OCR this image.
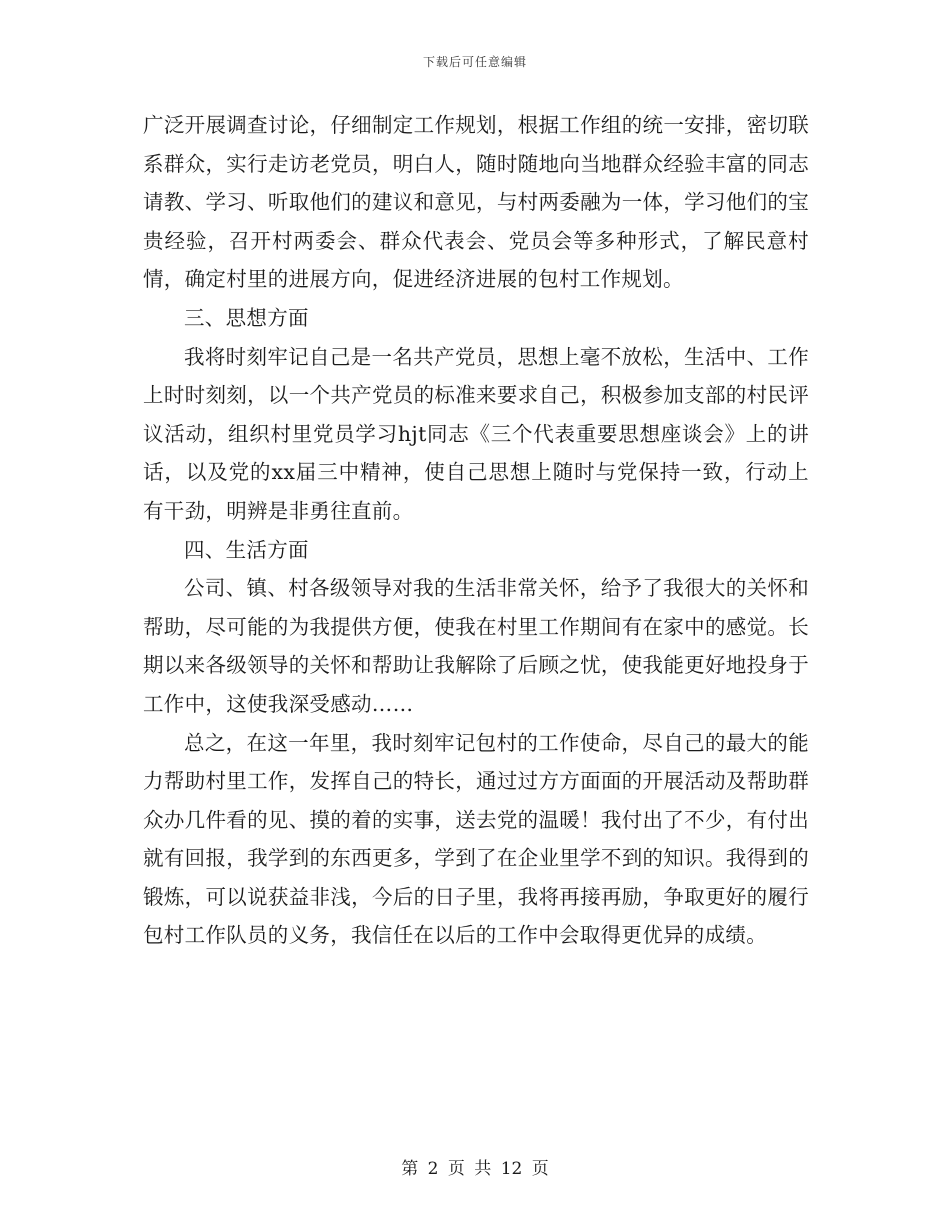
下载后可任意编辑

广泛开展调查讨论，仔细制定工作规划，根据工作组的统一安排，密切联系群众，实行走访老党员，明白人，随时随地向当地群众经验丰富的同志请教、学习、听取他们的建议和意见，与村两委融为一体，学习他们的宝贵经验，召开村两委会、群众代表会、党员会等多种形式，了解民意村情，确定村里的进展方向，促进经济进展的包村工作规划。

三、思想方面

我将时刻牢记自己是一名共产党员，思想上毫不放松，生活中、工作上时时刻刻，以一个共产党员的标准来要求自己，积极参加支部的村民评议活动，组织村里党员学习hjt同志《三个代表重要思想座谈会》上的讲话，以及党的xx届三中精神，使自己思想上随时与党保持一致，行动上有干劲，明辨是非勇往直前。

四、生活方面

公司、镇、村各级领导对我的生活非常关怀，给予了我很大的关怀和帮助，尽可能的为我提供方便，使我在村里工作期间有在家中的感觉。长期以来各级领导的关怀和帮助让我解除了后顾之忧，使我能更好地投身于工作中，这使我深受感动……

总之，在这一年里，我时刻牢记包村的工作使命，尽自己的最大的能力帮助村里工作，发挥自己的特长，通过过方方面面的开展活动及帮助群众办几件看的见、摸的着的实事，送去党的温暖！我付出了不少，有付出就有回报，我学到的东西更多，学到了在企业里学不到的知识。我得到的锻炼，可以说获益非浅，今后的日子里，我将再接再励，争取更好的履行包村工作队员的义务，我信任在以后的工作中会取得更优异的成绩。

第 2 页 共 12 页
